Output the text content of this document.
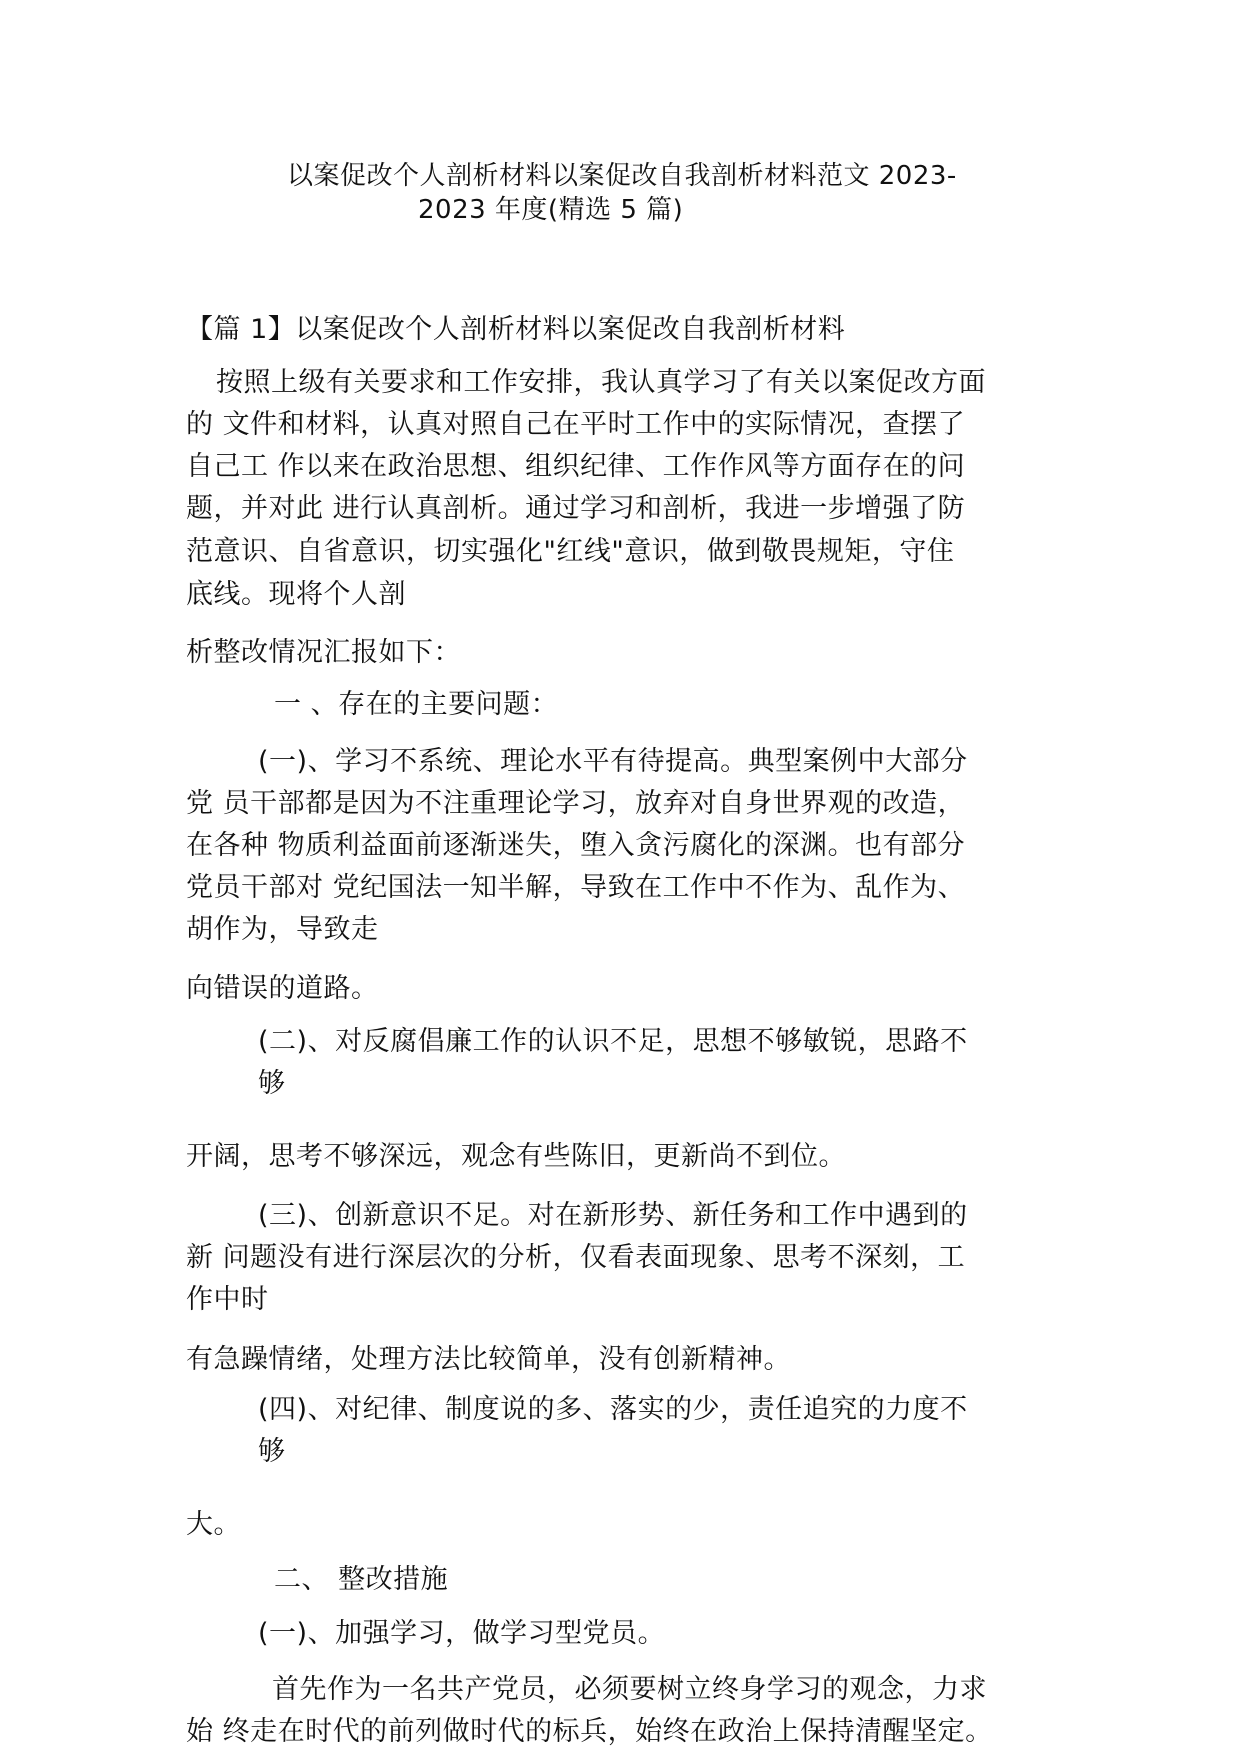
以案促改个人剖析材料以案促改自我剖析材料范文 2023-
2023 年度(精选 5 篇)
【篇 1】以案促改个人剖析材料以案促改自我剖析材料
按照上级有关要求和工作安排，我认真学习了有关以案促改方面
的 文件和材料，认真对照自己在平时工作中的实际情况，查摆了
自己工 作以来在政治思想、组织纪律、工作作风等方面存在的问
题，并对此 进行认真剖析。通过学习和剖析，我进一步增强了防
范意识、自省意识，切实强化"红线"意识，做到敬畏规矩，守住
底线。现将个人剖
析整改情况汇报如下：
一 、存在的主要问题：
(一)、学习不系统、理论水平有待提高。典型案例中大部分
党 员干部都是因为不注重理论学习，放弃对自身世界观的改造，
在各种 物质利益面前逐渐迷失，堕入贪污腐化的深渊。也有部分
党员干部对 党纪国法一知半解，导致在工作中不作为、乱作为、
胡作为，导致走
向错误的道路。
(二)、对反腐倡廉工作的认识不足，思想不够敏锐，思路不
够
开阔，思考不够深远，观念有些陈旧，更新尚不到位。
(三)、创新意识不足。对在新形势、新任务和工作中遇到的
新 问题没有进行深层次的分析，仅看表面现象、思考不深刻，工
作中时
有急躁情绪，处理方法比较简单，没有创新精神。
(四)、对纪律、制度说的多、落实的少，责任追究的力度不
够
大。
二、 整改措施
(一)、加强学习，做学习型党员。
首先作为一名共产党员，必须要树立终身学习的观念，力求
始 终走在时代的前列做时代的标兵，始终在政治上保持清醒坚定。
